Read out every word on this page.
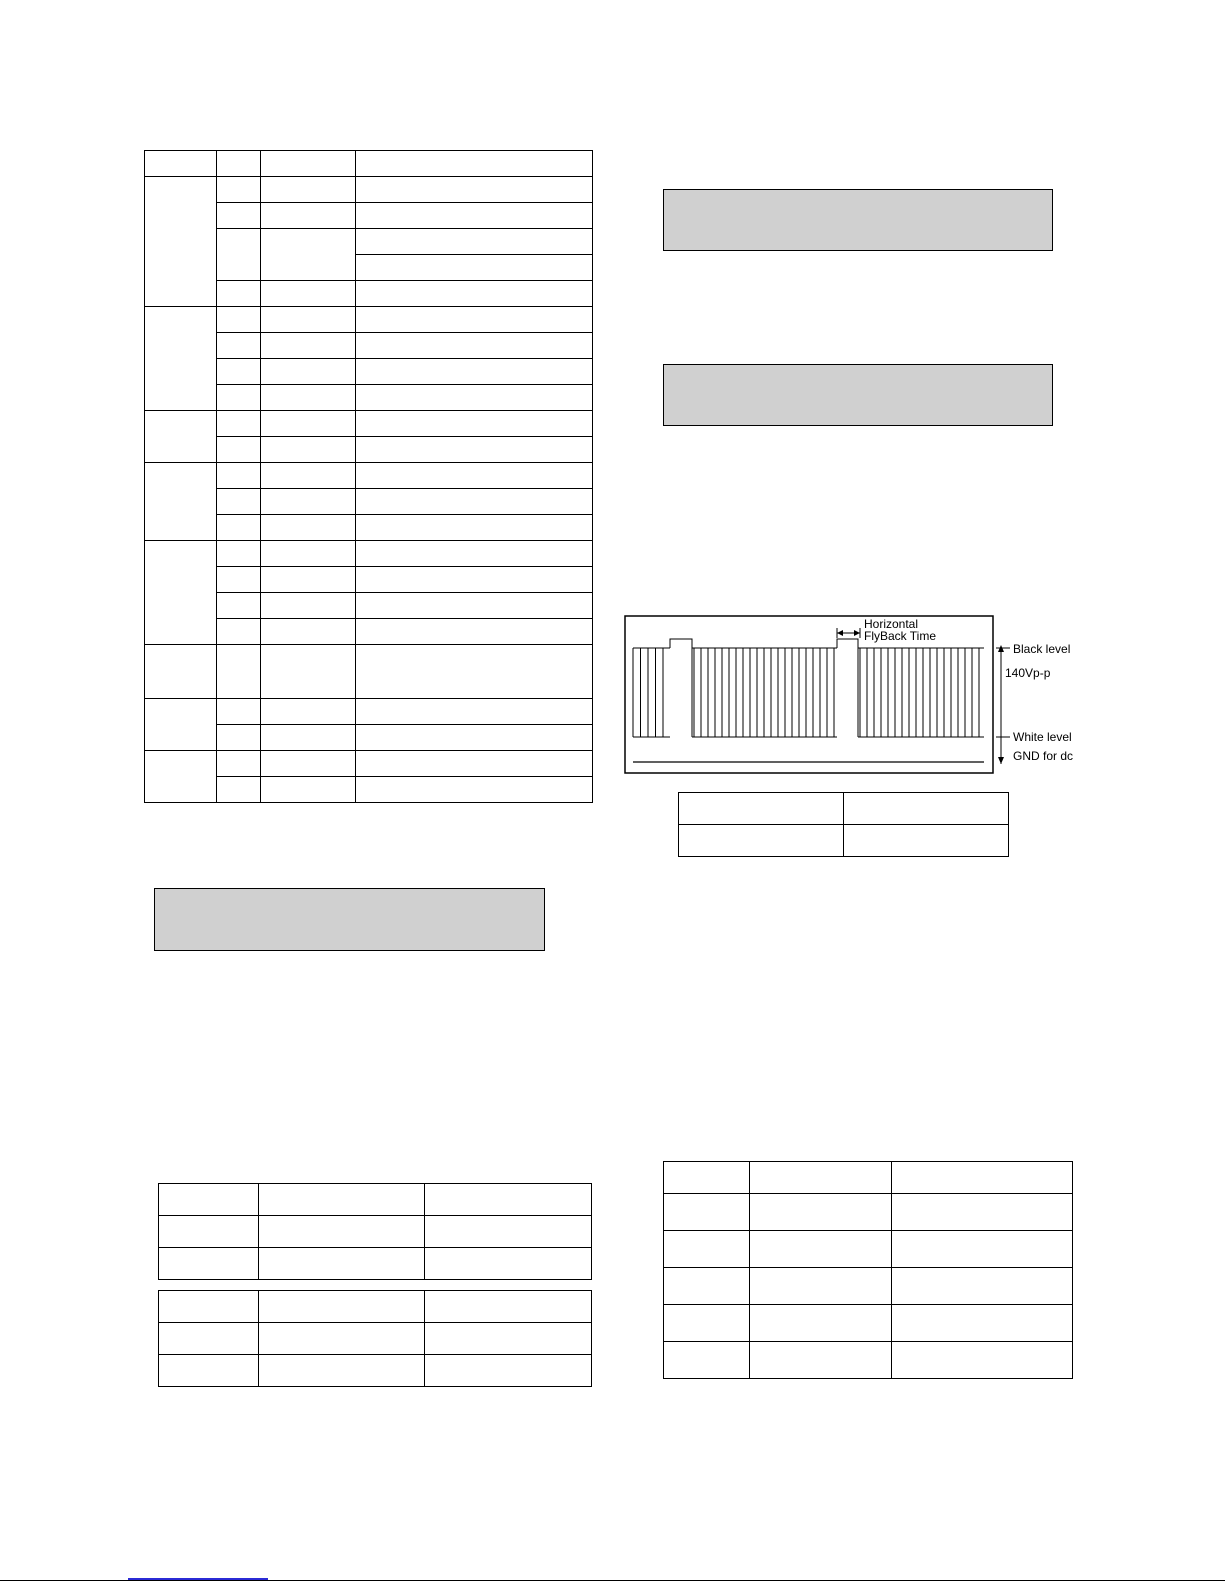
Horizontal
FlyBack Time
Black level
140Vp-p
White level
GND for dc
